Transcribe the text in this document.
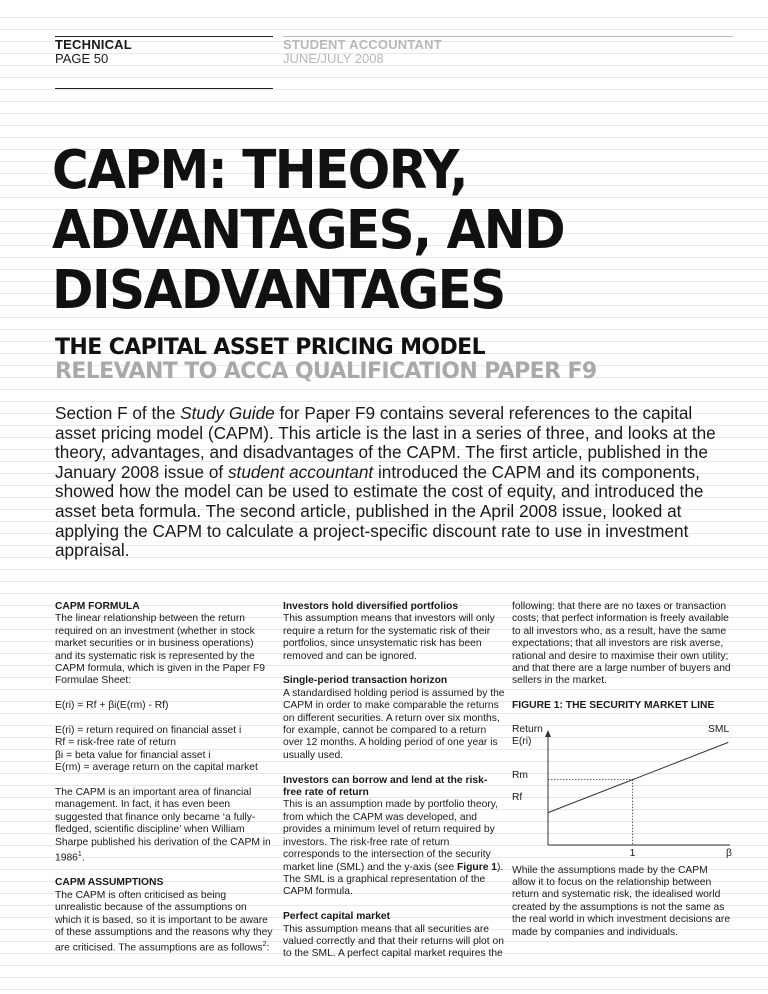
TECHNICAL
PAGE 50
STUDENT ACCOUNTANT
JUNE/JULY 2008
CAPM: THEORY,
ADVANTAGES, AND
DISADVANTAGES
THE CAPITAL ASSET PRICING MODEL
RELEVANT TO ACCA QUALIFICATION PAPER F9
Section F of the Study Guide for Paper F9 contains several references to the capital asset pricing model (CAPM). This article is the last in a series of three, and looks at the theory, advantages, and disadvantages of the CAPM. The first article, published in the January 2008 issue of student accountant introduced the CAPM and its components, showed how the model can be used to estimate the cost of equity, and introduced the asset beta formula. The second article, published in the April 2008 issue, looked at applying the CAPM to calculate a project-specific discount rate to use in investment appraisal.

CAPM FORMULA

The linear relationship between the return required on an investment (whether in stock market securities or in business operations) and its systematic risk is represented by the CAPM formula, which is given in the Paper F9 Formulae Sheet:

E(ri) = Rf + βi(E(rm) - Rf)

E(ri) = return required on financial asset i

Rf = risk-free rate of return

βi = beta value for financial asset i

E(rm) = average return on the capital market

The CAPM is an important area of financial management. In fact, it has even been suggested that finance only became ‘a fully-fledged, scientific discipline’ when William Sharpe published his derivation of the CAPM in 1986$^1$.

CAPM ASSUMPTIONS

The CAPM is often criticised as being unrealistic because of the assumptions on which it is based, so it is important to be aware of these assumptions and the reasons why they are criticised. The assumptions are as follows$^2$:

Investors hold diversified portfolios

This assumption means that investors will only require a return for the systematic risk of their portfolios, since unsystematic risk has been removed and can be ignored.

Single-period transaction horizon

A standardised holding period is assumed by the CAPM in order to make comparable the returns on different securities. A return over six months, for example, cannot be compared to a return over 12 months. A holding period of one year is usually used.

Investors can borrow and lend at the risk-free rate of return

This is an assumption made by portfolio theory, from which the CAPM was developed, and provides a minimum level of return required by investors. The risk-free rate of return corresponds to the intersection of the security market line (SML) and the y-axis (see Figure 1). The SML is a graphical representation of the CAPM formula.

Perfect capital market

This assumption means that all securities are valued correctly and that their returns will plot on to the SML. A perfect capital market requires the

following: that there are no taxes or transaction costs; that perfect information is freely available to all investors who, as a result, have the same expectations; that all investors are risk averse, rational and desire to maximise their own utility; and that there are a large number of buyers and sellers in the market.

FIGURE 1: THE SECURITY MARKET LINE

Return
E(ri)
SML
Rm
Rf
1	β

While the assumptions made by the CAPM allow it to focus on the relationship between return and systematic risk, the idealised world created by the assumptions is not the same as the real world in which investment decisions are made by companies and individuals.
